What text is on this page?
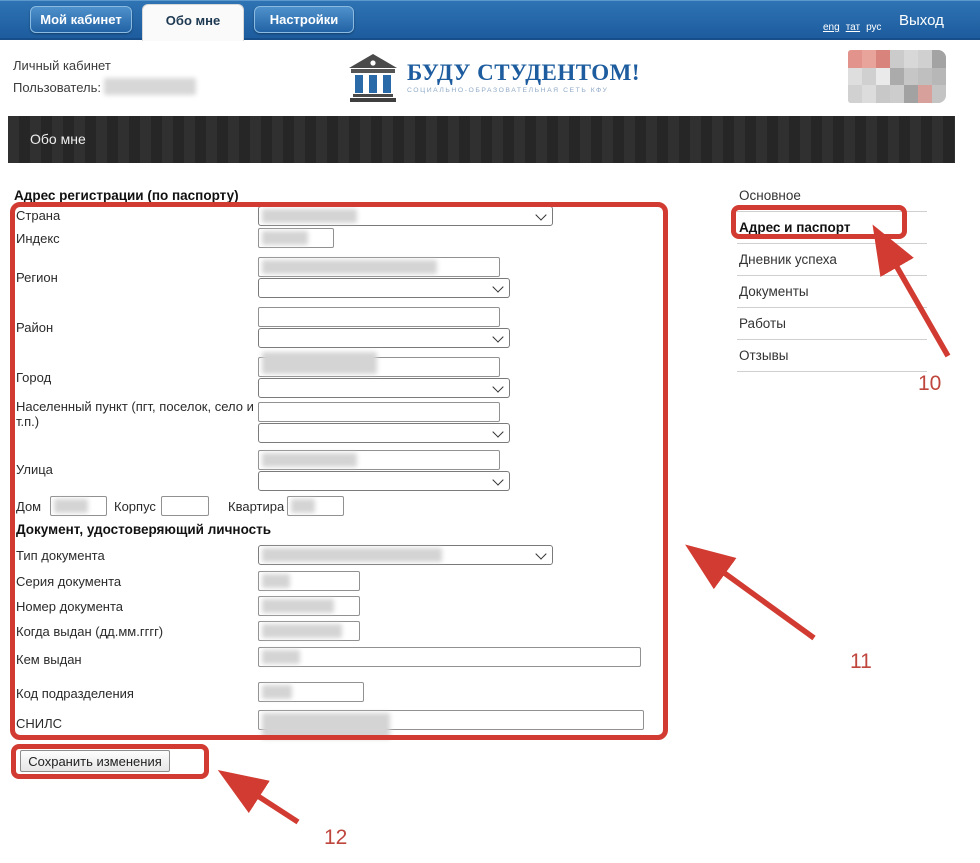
Мой кабинет	Обо мне	Настройки
eng тат рус	Выход
Личный кабинет
Пользователь:
БУДУ СТУДЕНТОМ!
СОЦИАЛЬНО-ОБРАЗОВАТЕЛЬНАЯ СЕТЬ КФУ
Обо мне
Адрес регистрации (по паспорту)
Страна
Индекс
Регион
Район
Город
Населенный пункт (пгт, поселок, село и т.п.)
Улица
Дом	Корпус	Квартира
Документ, удостоверяющий личность
Тип документа
Серия документа
Номер документа
Когда выдан (дд.мм.гггг)
Кем выдан
Код подразделения
СНИЛС
Сохранить изменения
Основное
Адрес и паспорт
Дневник успеха
Документы
Работы
Отзывы
10
11
12
